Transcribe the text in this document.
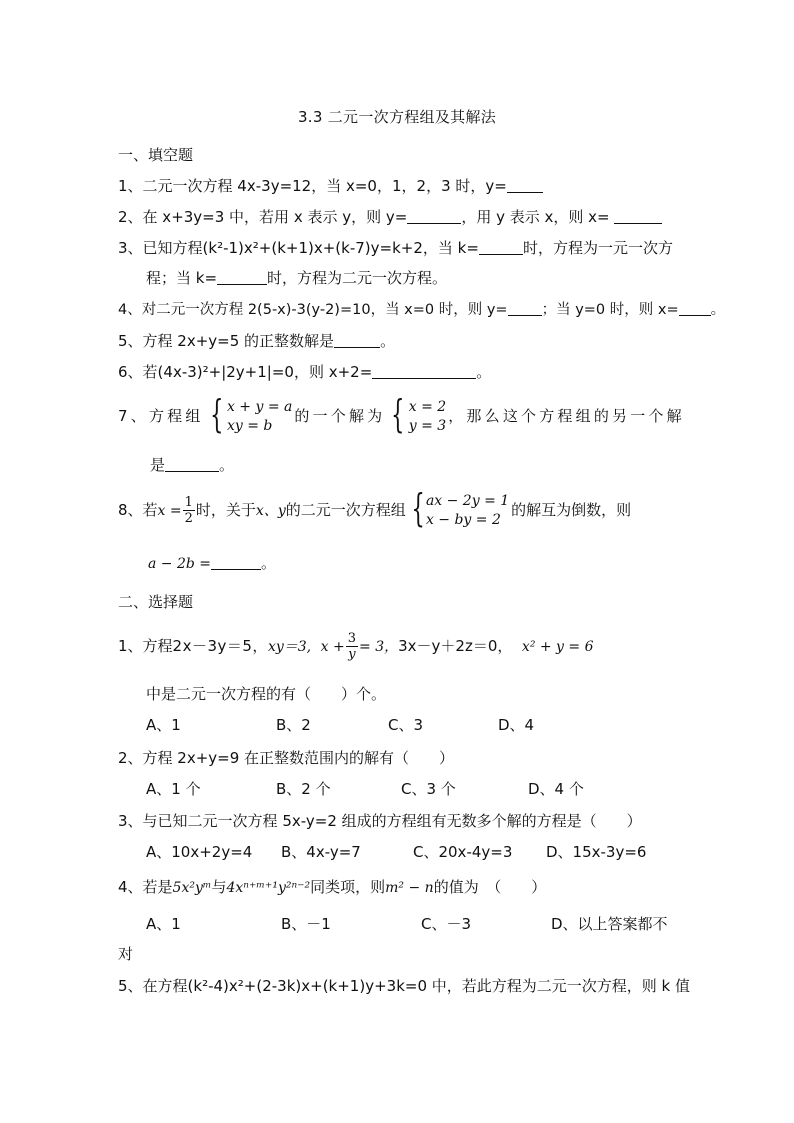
3.3 二元一次方程组及其解法
一、填空题
1、二元一次方程 4x-3y=12，当 x=0，1，2，3 时，y=
2、在 x+3y=3 中，若用 x 表示 y，则 y=	，用 y 表示 x，则 x=
3、已知方程(k²-1)x²+(k+1)x+(k-7)y=k+2，当 k=	时，方程为一元一次方
程；当 k=	时，方程为二元一次方程。
4、对二元一次方程 2(5-x)-3(y-2)=10，当 x=0 时，则 y= ；当 y=0 时，则 x= 。
5、方程 2x+y=5 的正整数解是	。
6、若(4x-3)²+|2y+1|=0，则 x+2=	。
7、方程组 { x + y = a
xy = b
的一个解为 { x = 2
y = 3
，那么这个方程组的另一个解
是	。
8、若$x = \frac{1}{2}$ 时，关于x、y的二元一次方程组 { ax − 2y = 1
x − by = 2
的解互为倒数，则
a − 2b =	。
二、选择题
1、方程2x－3y＝5，xy＝3, $x + \frac{3}{y} = 3$，3x－y＋2z＝0， x² + y = 6
中是二元一次方程的有（　　）个。
A、1	B、2	C、3	D、4
2、方程 2x+y=9 在正整数范围内的解有（　　）
A、1 个	B、2 个	C、3 个	D、4 个
3、与已知二元一次方程 5x-y=2 组成的方程组有无数多个解的方程是（　　）
A、10x+2y=4 B、4x-y=7	C、20x-4y=3 D、15x-3y=6
4、若是5x²yᵐ与4xⁿ⁺ᵐ⁺¹y²ⁿ⁻²同类项，则m² − n的值为　（　　）
A、1	B、－1	C、－3	D、以上答案都不
对
5、在方程(k²-4)x²+(2-3k)x+(k+1)y+3k=0 中，若此方程为二元一次方程，则 k 值
